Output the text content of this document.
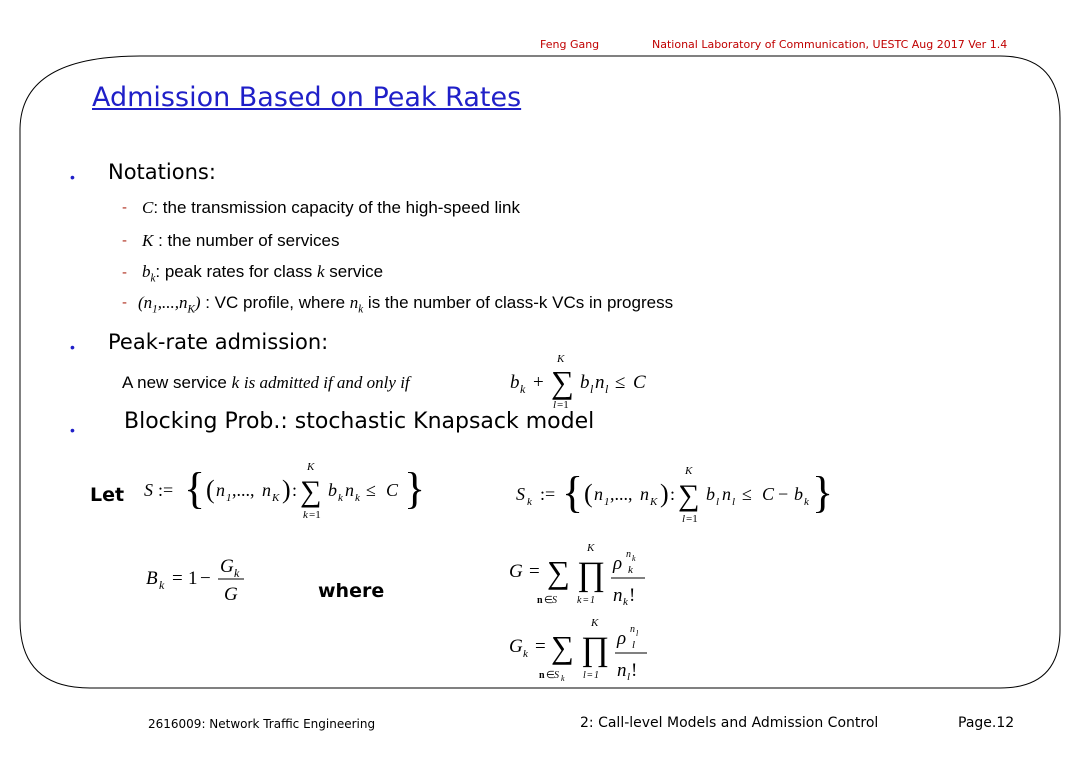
Feng Gang	National Laboratory of Communication, UESTC Aug 2017 Ver 1.4
Admission Based on Peak Rates
• Notations:
- C: the transmission capacity of the high-speed link
- K : the number of services
- $b_k$: peak rates for class k service
- $(n_1,...,n_K)$ : VC profile, where $n_k$ is the number of class-k VCs in progress
• Peak-rate admission:
A new service k is admitted if and only if	b k + ∑
K
l =1
b l n l ≤ C
• Blocking Prob.: stochastic Knapsack model
Let S := { ( n 1 ,..., n K ) : ∑
K
k =1
b k n k ≤ C }	S k := { ( n 1 ,..., n K ) : ∑
K
l =1
b l n l ≤ C − b k }
B k = 1 −
G k
G	where
G = ∑
n ∈ S
∏
K
k = 1
ρ n k
k
n k !
G k = ∑
n ∈ S k
∏
K
l = 1
ρ n l
l
n l !
2616009: Network Traffic Engineering	2: Call-level Models and Admission Control	Page.12
